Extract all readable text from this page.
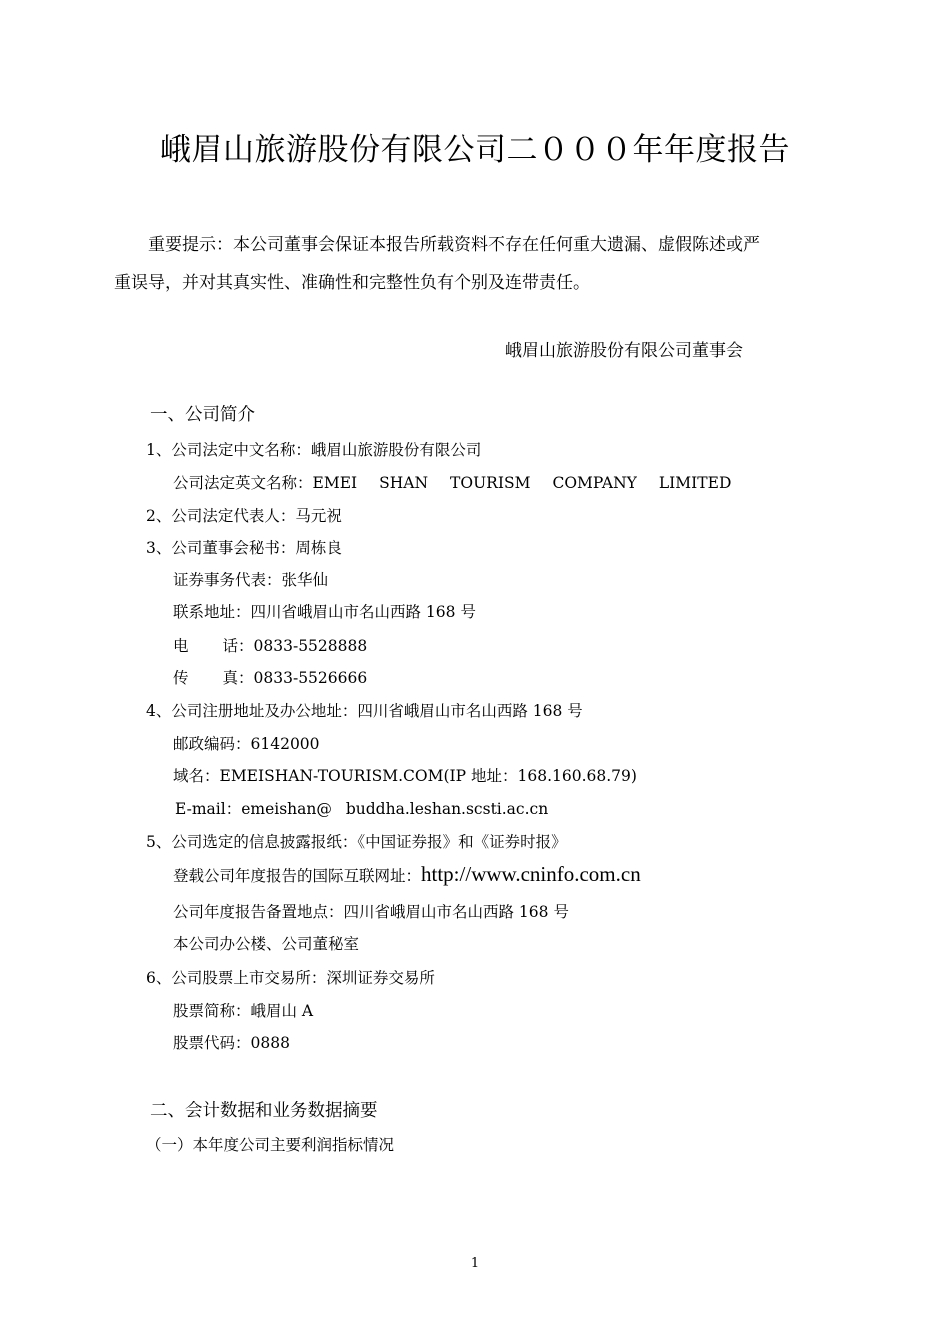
峨眉山旅游股份有限公司二０００年年度报告
重要提示：本公司董事会保证本报告所载资料不存在任何重大遗漏、虚假陈述或严
重误导，并对其真实性、准确性和完整性负有个别及连带责任。
峨眉山旅游股份有限公司董事会
一、公司简介
1、公司法定中文名称：峨眉山旅游股份有限公司
公司法定英文名称：EMEI SHAN TOURISM COMPANY LIMITED
2、公司法定代表人：马元祝
3、公司董事会秘书：周栋良
证券事务代表：张华仙
联系地址：四川省峨眉山市名山西路 168 号
电 话：0833-5528888
传 真：0833-5526666
4、公司注册地址及办公地址：四川省峨眉山市名山西路 168 号
邮政编码：6142000
域名：EMEISHAN-TOURISM.COM(IP 地址：168.160.68.79)
E-mail：emeishan@ buddha.leshan.scsti.ac.cn
5、公司选定的信息披露报纸：《中国证券报》和《证券时报》
登载公司年度报告的国际互联网址：http://www.cninfo.com.cn
公司年度报告备置地点：四川省峨眉山市名山西路 168 号
本公司办公楼、公司董秘室
6、公司股票上市交易所：深圳证券交易所
股票简称：峨眉山 A
股票代码：0888
二、会计数据和业务数据摘要
（一）本年度公司主要利润指标情况
1
